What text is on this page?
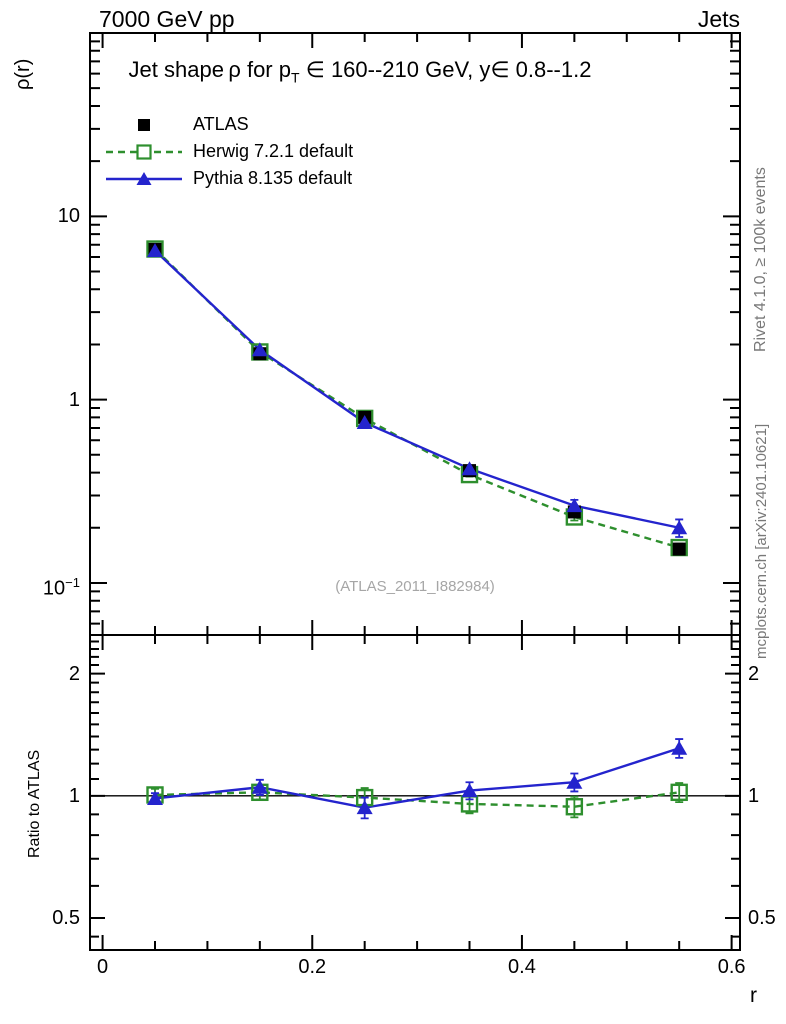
7000 GeV pp	Jets
ρ(r)
Ratio to ATLAS
Rivet 4.1.0, ≥ 100k events
mcplots.cern.ch [arXiv:2401.10621]
Jet shape ρ for $p_T$ ∈ 160--210 GeV, y∈ 0.8--1.2
ATLAS
Herwig 7.2.1 default
Pythia 8.135 default
(ATLAS_2011_I882984)
r
10
1
$10^{-1}$
2	2
1	1
0.5	0.5
0	0.2	0.4	0.6
